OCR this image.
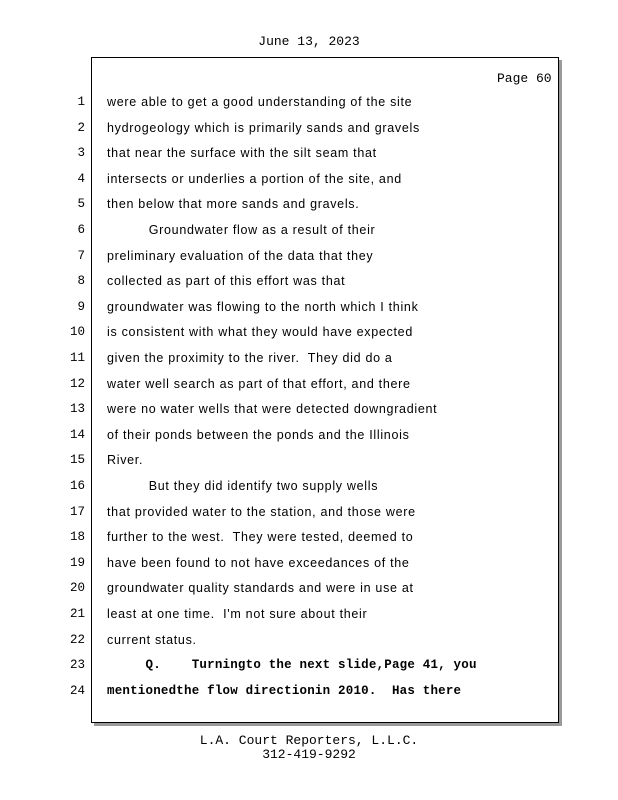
June 13, 2023
Page 60
1 were able to get a good understanding of the site
2 hydrogeology which is primarily sands and gravels
3 that near the surface with the silt seam that
4 intersects or underlies a portion of the site, and
5 then below that more sands and gravels.
6 Groundwater flow as a result of their
7 preliminary evaluation of the data that they
8 collected as part of this effort was that
9 groundwater was flowing to the north which I think
10 is consistent with what they would have expected
11 given the proximity to the river.  They did do a
12 water well search as part of that effort, and there
13 were no water wells that were detected downgradient
14 of their ponds between the ponds and the Illinois
15 River.
16 But they did identify two supply wells
17 that provided water to the station, and those were
18 further to the west.  They were tested, deemed to
19 have been found to not have exceedances of the
20 groundwater quality standards and were in use at
21 least at one time.  I'm not sure about their
22 current status.
23 Q.    Turningto the next slide,Page 41, you
24 mentionedthe flow directionin 2010.  Has there
L.A. Court Reporters, L.L.C.
312-419-9292
